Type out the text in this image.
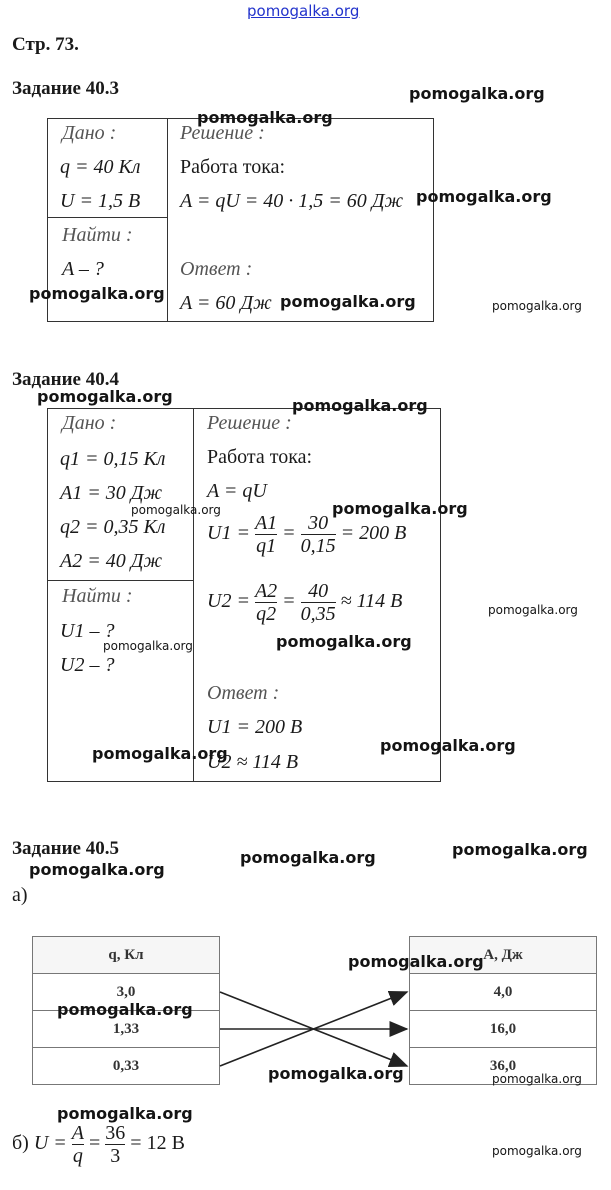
pomogalka.org
Стр. 73.
Задание 40.3
Дано :
q = 40 Кл
U = 1,5 В
Найти :
A – ?
Решение :
Работа тока:
A = qU = 40 · 1,5 = 60 Дж
Ответ :
A = 60 Дж
Задание 40.4
Дано :
q1 = 0,15 Кл
A1 = 30 Дж
q2 = 0,35 Кл
A2 = 40 Дж
Найти :
U1 – ?
U2 – ?
Решение :
Работа тока:
A = qU
$U1 = \frac{A1}{q1} = \frac{30}{0,15} = 200$ В
$U2 = \frac{A2}{q2} = \frac{40}{0,35} \approx 114$ В
Ответ :
U1 = 200 В
U2 ≈ 114 В
Задание 40.5
а)
q, Кл
3,0
1,33
0,33
A, Дж
4,0
16,0
36,0
б) $U = \frac{A}{q} = \frac{36}{3} = 12$ В
pomogalka.org
pomogalka.org
pomogalka.org
pomogalka.org	pomogalka.org	pomogalka.org
pomogalka.org	pomogalka.org
pomogalka.org
pomogalka.org
pomogalka.org
pomogalka.org
pomogalka.org
pomogalka.org
pomogalka.org
pomogalka.org
pomogalka.org
pomogalka.org
pomogalka.org
pomogalka.org
pomogalka.org	pomogalka.org
pomogalka.org
pomogalka.org
